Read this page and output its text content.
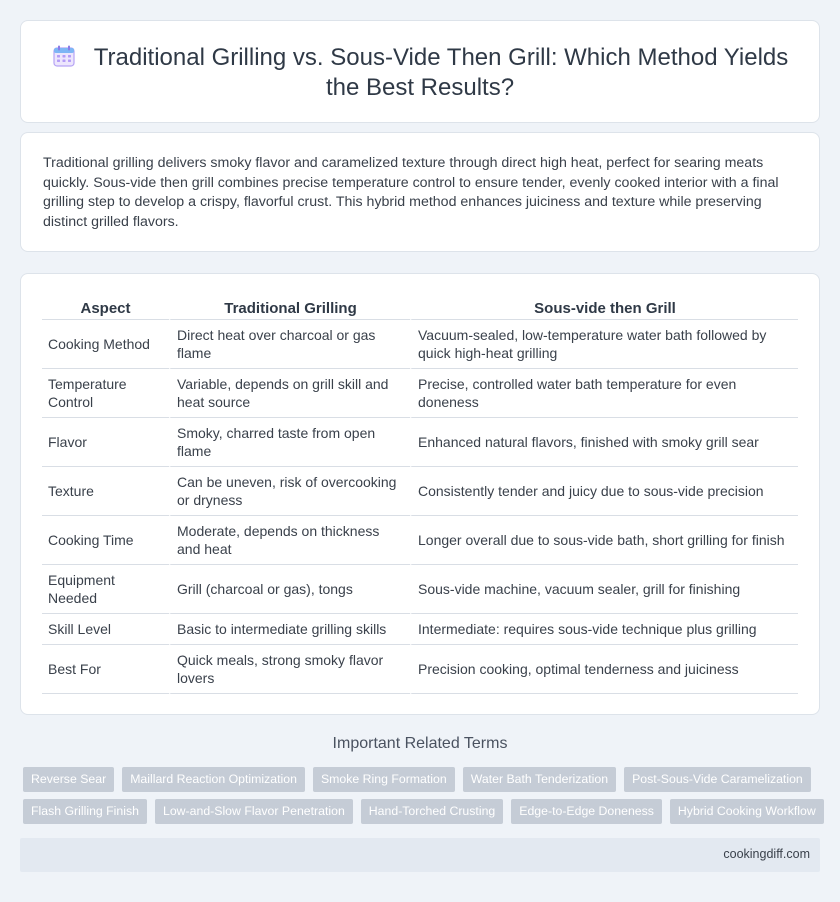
Traditional Grilling vs. Sous-Vide Then Grill: Which Method Yields the Best Results?

Traditional grilling delivers smoky flavor and caramelized texture through direct high heat, perfect for searing meats quickly. Sous-vide then grill combines precise temperature control to ensure tender, evenly cooked interior with a final grilling step to develop a crispy, flavorful crust. This hybrid method enhances juiciness and texture while preserving distinct grilled flavors.

Aspect	Traditional Grilling	Sous-vide then Grill
Cooking Method	Direct heat over charcoal or gas flame	Vacuum-sealed, low-temperature water bath followed by quick high-heat grilling
Temperature Control	Variable, depends on grill skill and heat source	Precise, controlled water bath temperature for even doneness
Flavor	Smoky, charred taste from open flame	Enhanced natural flavors, finished with smoky grill sear
Texture	Can be uneven, risk of overcooking or dryness	Consistently tender and juicy due to sous-vide precision
Cooking Time	Moderate, depends on thickness and heat	Longer overall due to sous-vide bath, short grilling for finish
Equipment Needed	Grill (charcoal or gas), tongs	Sous-vide machine, vacuum sealer, grill for finishing
Skill Level	Basic to intermediate grilling skills	Intermediate: requires sous-vide technique plus grilling
Best For	Quick meals, strong smoky flavor lovers	Precision cooking, optimal tenderness and juiciness
Important Related Terms
Reverse Sear	Maillard Reaction Optimization	Smoke Ring Formation	Water Bath Tenderization	Post-Sous-Vide Caramelization
Flash Grilling Finish	Low-and-Slow Flavor Penetration	Hand-Torched Crusting	Edge-to-Edge Doneness	Hybrid Cooking Workflow
cookingdiff.com
